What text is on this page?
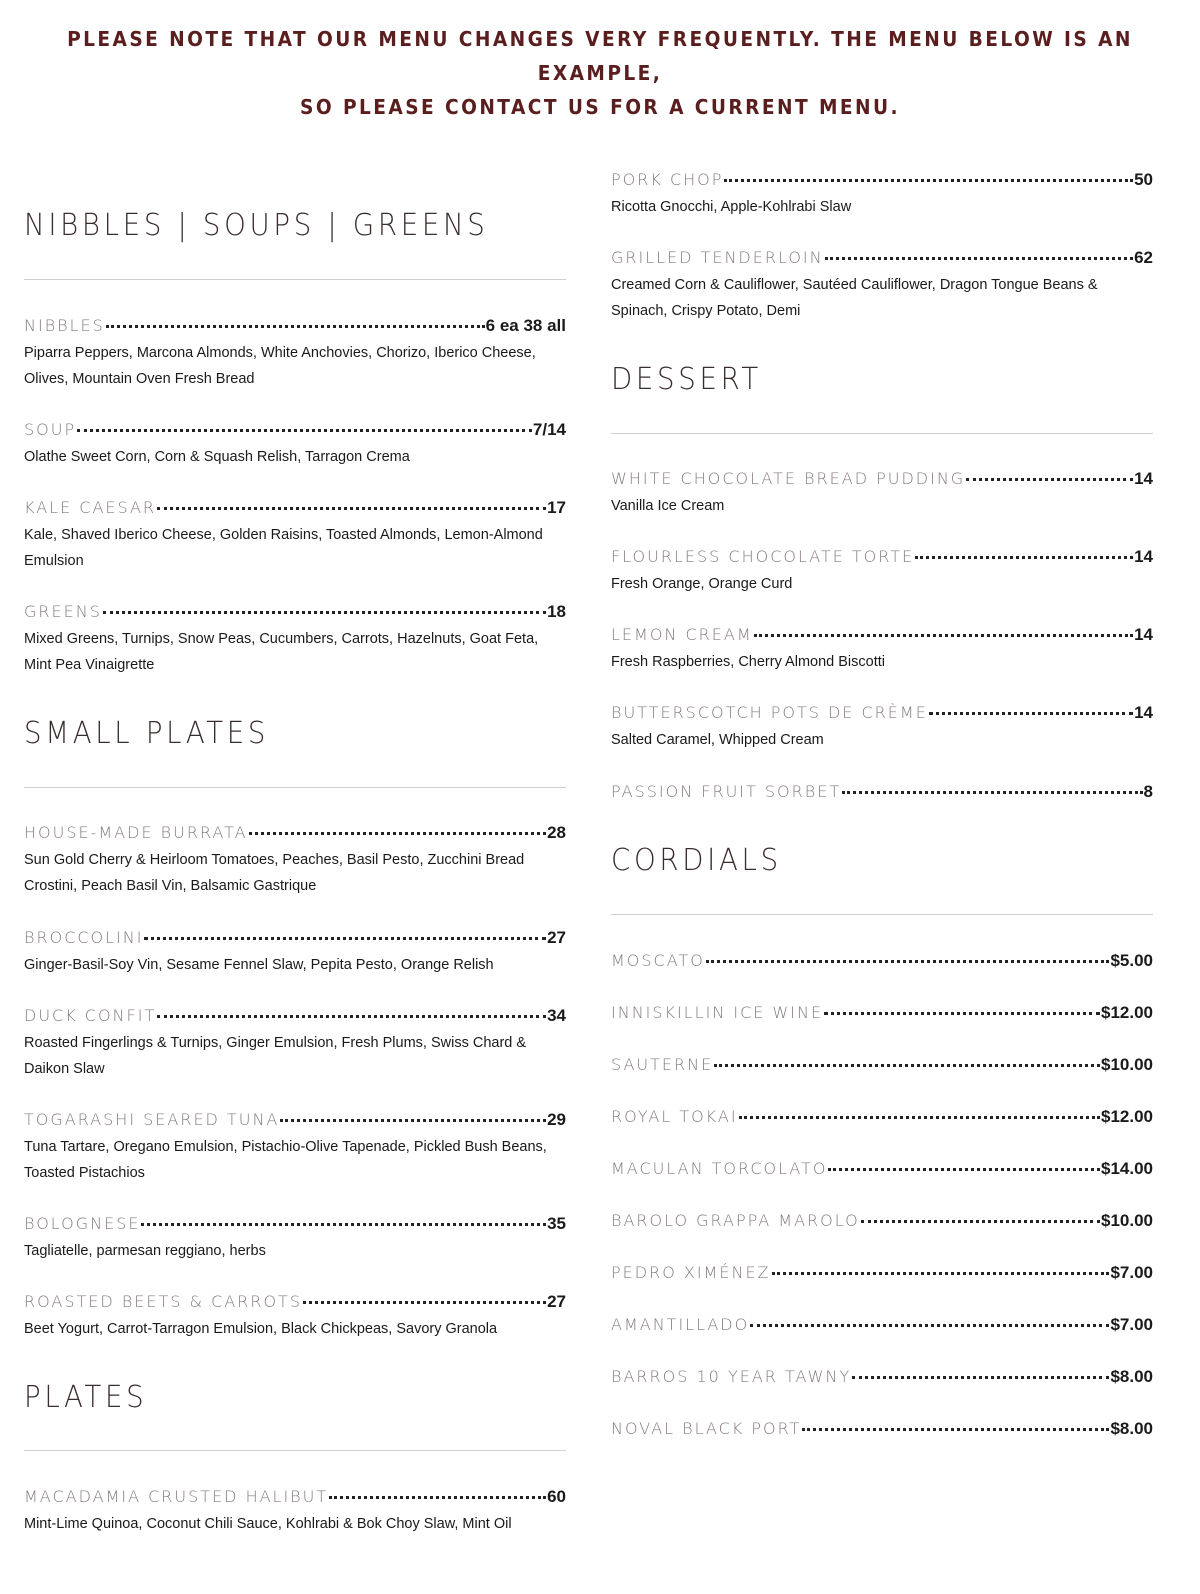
PLEASE NOTE THAT OUR MENU CHANGES VERY FREQUENTLY. THE MENU BELOW IS AN EXAMPLE,
SO PLEASE CONTACT US FOR A CURRENT MENU.
NIBBLES | SOUPS | GREENS
NIBBLES	6 ea 38 all
Piparra Peppers, Marcona Almonds, White Anchovies, Chorizo, Iberico Cheese, Olives, Mountain Oven Fresh Bread
SOUP	7/14
Olathe Sweet Corn, Corn & Squash Relish, Tarragon Crema
KALE CAESAR	17
Kale, Shaved Iberico Cheese, Golden Raisins, Toasted Almonds, Lemon-Almond Emulsion
GREENS	18
Mixed Greens, Turnips, Snow Peas, Cucumbers, Carrots, Hazelnuts, Goat Feta, Mint Pea Vinaigrette
SMALL PLATES
HOUSE-MADE BURRATA	28
Sun Gold Cherry & Heirloom Tomatoes, Peaches, Basil Pesto, Zucchini Bread Crostini, Peach Basil Vin, Balsamic Gastrique
BROCCOLINI	27
Ginger-Basil-Soy Vin, Sesame Fennel Slaw, Pepita Pesto, Orange Relish
DUCK CONFIT	34
Roasted Fingerlings & Turnips, Ginger Emulsion, Fresh Plums, Swiss Chard & Daikon Slaw
TOGARASHI SEARED TUNA	29
Tuna Tartare, Oregano Emulsion, Pistachio-Olive Tapenade, Pickled Bush Beans, Toasted Pistachios
BOLOGNESE	35
Tagliatelle, parmesan reggiano, herbs
ROASTED BEETS & CARROTS	27
Beet Yogurt, Carrot-Tarragon Emulsion, Black Chickpeas, Savory Granola
PLATES
MACADAMIA CRUSTED HALIBUT	60
Mint-Lime Quinoa, Coconut Chili Sauce, Kohlrabi & Bok Choy Slaw, Mint Oil
PORK CHOP	50
Ricotta Gnocchi, Apple-Kohlrabi Slaw
GRILLED TENDERLOIN	62
Creamed Corn & Cauliflower, Sautéed Cauliflower, Dragon Tongue Beans & Spinach, Crispy Potato, Demi
DESSERT
WHITE CHOCOLATE BREAD PUDDING	14
Vanilla Ice Cream
FLOURLESS CHOCOLATE TORTE	14
Fresh Orange, Orange Curd
LEMON CREAM	14
Fresh Raspberries, Cherry Almond Biscotti
BUTTERSCOTCH POTS DE CRÈME	14
Salted Caramel, Whipped Cream
PASSION FRUIT SORBET	8
CORDIALS
MOSCATO	$5.00
INNISKILLIN ICE WINE	$12.00
SAUTERNE	$10.00
ROYAL TOKAI	$12.00
MACULAN TORCOLATO	$14.00
BAROLO GRAPPA MAROLO	$10.00
PEDRO XIMÉNEZ	$7.00
AMANTILLADO	$7.00
BARROS 10 YEAR TAWNY	$8.00
NOVAL BLACK PORT	$8.00
